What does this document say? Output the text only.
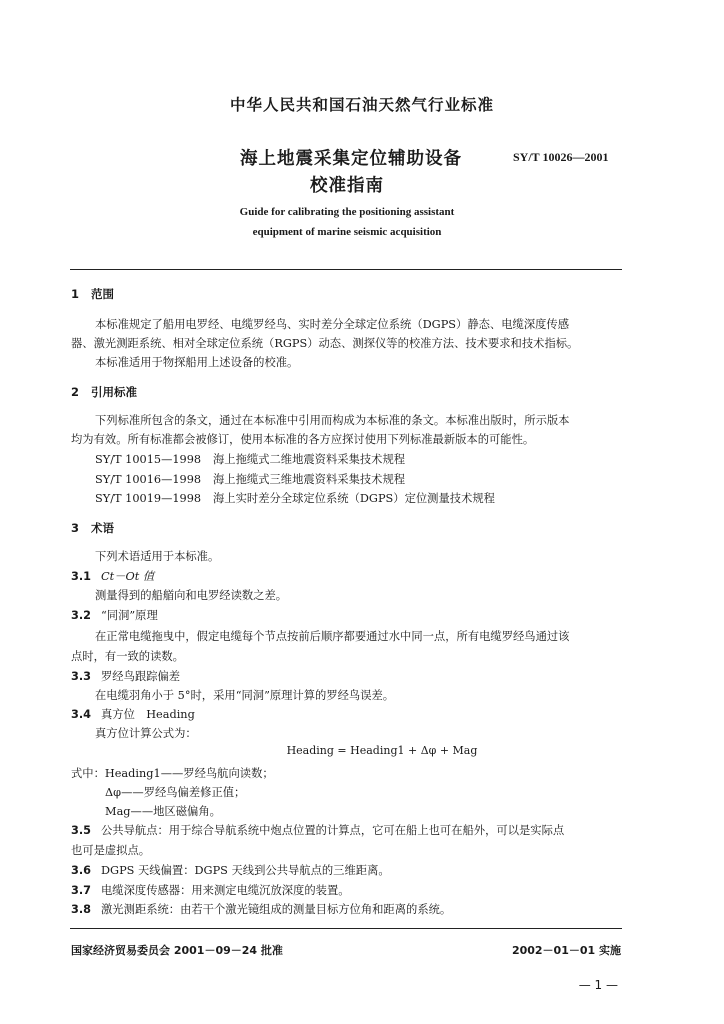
中华人民共和国石油天然气行业标准
海上地震采集定位辅助设备	SY/T 10026—2001
校准指南
Guide for calibrating the positioning assistant
equipment of marine seismic acquisition
1 范围
本标准规定了船用电罗经、电缆罗经鸟、实时差分全球定位系统（DGPS）静态、电缆深度传感
器、激光测距系统、相对全球定位系统（RGPS）动态、测探仪等的校准方法、技术要求和技术指标。
本标准适用于物探船用上述设备的校准。
2 引用标准
下列标准所包含的条文，通过在本标准中引用而构成为本标准的条文。本标准出版时，所示版本
均为有效。所有标准都会被修订，使用本标准的各方应探讨使用下列标准最新版本的可能性。
SY/T 10015—1998 海上拖缆式二维地震资料采集技术规程
SY/T 10016—1998 海上拖缆式三维地震资料采集技术规程
SY/T 10019—1998 海上实时差分全球定位系统（DGPS）定位测量技术规程
3 术语
下列术语适用于本标准。
3.1 Ct－Ot 值
测量得到的船艏向和电罗经读数之差。
3.2 “同洞”原理
在正常电缆拖曳中，假定电缆每个节点按前后顺序都要通过水中同一点，所有电缆罗经鸟通过该
点时，有一致的读数。
3.3 罗经鸟跟踪偏差
在电缆羽角小于 5°时，采用“同洞”原理计算的罗经鸟误差。
3.4 真方位　Heading
真方位计算公式为：
Heading = Heading1 + Δφ + Mag
式中：Heading1——罗经鸟航向读数；
Δφ——罗经鸟偏差修正值；
Mag——地区磁偏角。
3.5 公共导航点：用于综合导航系统中炮点位置的计算点，它可在船上也可在船外，可以是实际点
也可是虚拟点。
3.6 DGPS 天线偏置：DGPS 天线到公共导航点的三维距离。
3.7 电缆深度传感器：用来测定电缆沉放深度的装置。
3.8 激光测距系统：由若干个激光镜组成的测量目标方位角和距离的系统。
国家经济贸易委员会 2001－09－24 批准	2002－01－01 实施
— 1 —
